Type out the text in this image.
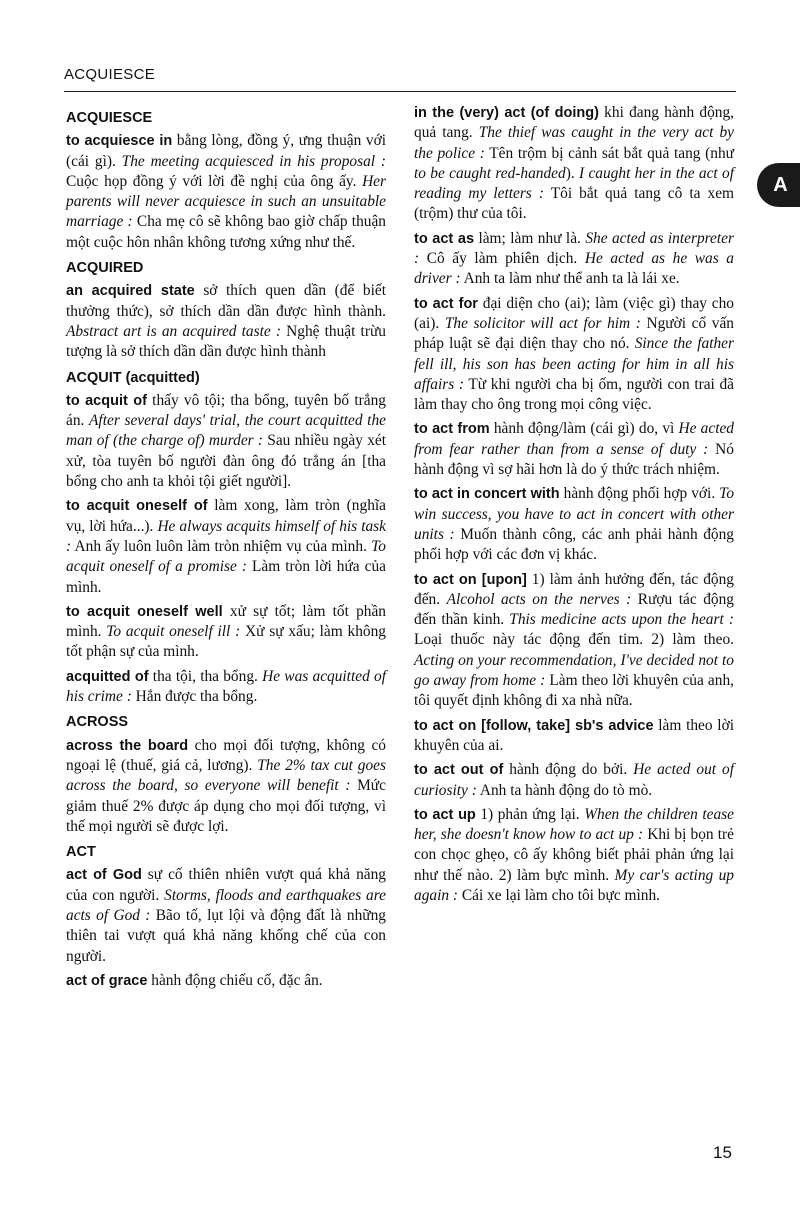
ACQUIESCE
A
ACQUIESCE
to acquiesce in bằng lòng, đồng ý, ưng thuận với (cái gì). The meeting acquiesced in his proposal : Cuộc họp đồng ý với lời đề nghị của ông ấy. Her parents will never acquiesce in such an unsuitable marriage : Cha mẹ cô sẽ không bao giờ chấp thuận một cuộc hôn nhân không tương xứng như thế.
ACQUIRED
an acquired state sở thích quen dần (để biết thưởng thức), sở thích dần dần được hình thành. Abstract art is an acquired taste : Nghệ thuật trừu tượng là sở thích dần dần được hình thành
ACQUIT (acquitted)
to acquit of thấy vô tội; tha bổng, tuyên bố trắng án. After several days' trial, the court acquitted the man of (the charge of) murder : Sau nhiều ngày xét xử, tòa tuyên bố người đàn ông đó trắng án [tha bổng cho anh ta khỏi tội giết người].
to acquit oneself of làm xong, làm tròn (nghĩa vụ, lời hứa...). He always acquits himself of his task : Anh ấy luôn luôn làm tròn nhiệm vụ của mình. To acquit oneself of a promise : Làm tròn lời hứa của mình.
to acquit oneself well xử sự tốt; làm tốt phần mình. To acquit oneself ill : Xử sự xấu; làm không tốt phận sự của mình.
acquitted of tha tội, tha bổng. He was acquitted of his crime : Hắn được tha bổng.
ACROSS
across the board cho mọi đối tượng, không có ngoại lệ (thuế, giá cả, lương). The 2% tax cut goes across the board, so everyone will benefit : Mức giảm thuế 2% được áp dụng cho mọi đối tượng, vì thế mọi người sẽ được lợi.
ACT
act of God sự cố thiên nhiên vượt quá khả năng của con người. Storms, floods and earthquakes are acts of God : Bão tố, lụt lội và động đất là những thiên tai vượt quá khả năng khống chế của con người.
act of grace hành động chiếu cố, đặc ân.
in the (very) act (of doing) khi đang hành động, quả tang. The thief was caught in the very act by the police : Tên trộm bị cảnh sát bắt quả tang (như to be caught red-handed). I caught her in the act of reading my letters : Tôi bắt quả tang cô ta xem (trộm) thư của tôi.
to act as làm; làm như là. She acted as interpreter : Cô ấy làm phiên dịch. He acted as he was a driver : Anh ta làm như thể anh ta là lái xe.
to act for đại diện cho (ai); làm (việc gì) thay cho (ai). The solicitor will act for him : Người cố vấn pháp luật sẽ đại diện thay cho nó. Since the father fell ill, his son has been acting for him in all his affairs : Từ khi người cha bị ốm, người con trai đã làm thay cho ông trong mọi công việc.
to act from hành động/làm (cái gì) do, vì He acted from fear rather than from a sense of duty : Nó hành động vì sợ hãi hơn là do ý thức trách nhiệm.
to act in concert with hành động phối hợp với. To win success, you have to act in concert with other units : Muốn thành công, các anh phải hành động phối hợp với các đơn vị khác.
to act on [upon] 1) làm ảnh hưởng đến, tác động đến. Alcohol acts on the nerves : Rượu tác động đến thần kinh. This medicine acts upon the heart : Loại thuốc này tác động đến tim. 2) làm theo. Acting on your recommendation, I've decided not to go away from home : Làm theo lời khuyên của anh, tôi quyết định không đi xa nhà nữa.
to act on [follow, take] sb's advice làm theo lời khuyên của ai.
to act out of hành động do bởi. He acted out of curiosity : Anh ta hành động do tò mò.
to act up 1) phản ứng lại. When the children tease her, she doesn't know how to act up : Khi bị bọn trẻ con chọc ghẹo, cô ấy không biết phải phản ứng lại như thế nào. 2) làm bực mình. My car's acting up again : Cái xe lại làm cho tôi bực mình.
15
